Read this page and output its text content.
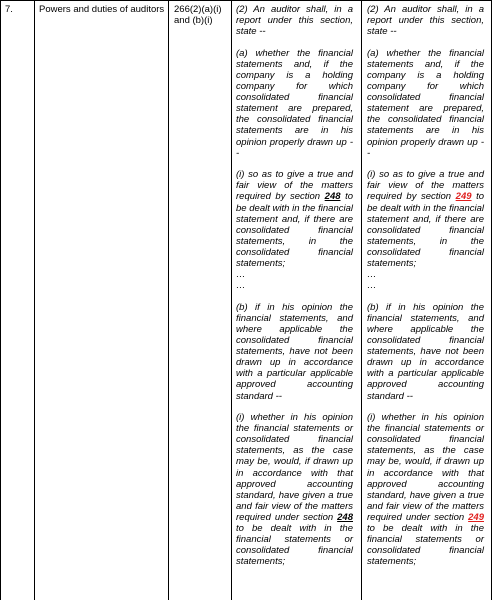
7.	Powers and duties of auditors 266(2)(a)(i) and (b)(i)

(2) An auditor shall, in a report under this section, state --

(a) whether the financial statements and, if the company is a holding company for which consolidated financial statement are prepared, the consolidated financial statements are in his opinion properly drawn up --

(i) so as to give a true and fair view of the matters required by section 248 to be dealt with in the financial statement and, if there are consolidated financial statements, in the consolidated financial statements;

…
…

(b) if in his opinion the financial statements, and where applicable the consolidated financial statements, have not been drawn up in accordance with a particular applicable approved accounting standard --

(i) whether in his opinion the financial statements or consolidated financial statements, as the case may be, would, if drawn up in accordance with that approved accounting standard, have given a true and fair view of the matters required under section 248 to be dealt with in the financial statements or consolidated financial statements;

(2) An auditor shall, in a report under this section, state --

(a) whether the financial statements and, if the company is a holding company for which consolidated financial statement are prepared, the consolidated financial statements are in his opinion properly drawn up --

(i) so as to give a true and fair view of the matters required by section 249 to be dealt with in the financial statement and, if there are consolidated financial statements, in the consolidated financial statements;

…
…

(b) if in his opinion the financial statements, and where applicable the consolidated financial statements, have not been drawn up in accordance with a particular applicable approved accounting standard --

(i) whether in his opinion the financial statements or consolidated financial statements, as the case may be, would, if drawn up in accordance with that approved accounting standard, have given a true and fair view of the matters required under section 249 to be dealt with in the financial statements or consolidated financial statements;
